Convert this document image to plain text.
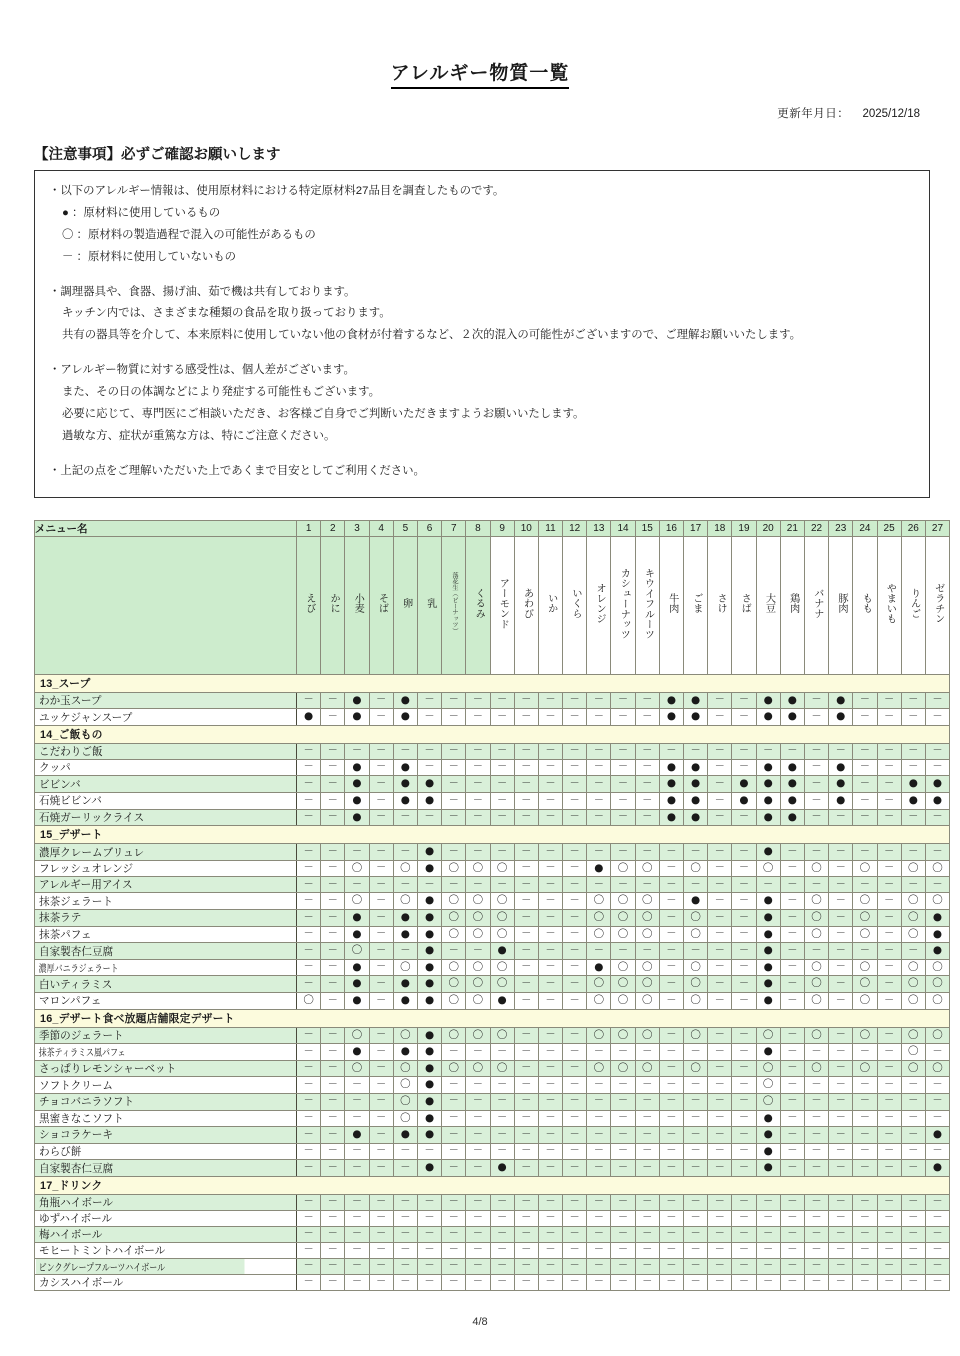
アレルギー物質一覧
更新年月日： 2025/12/18
【注意事項】必ずご確認お願いします
・以下のアレルギー情報は、使用原材料における特定原材料27品目を調査したものです。
● ：原材料に使用しているもの
〇 ：原材料の製造過程で混入の可能性があるもの
－ ：原材料に使用していないもの
・調理器具や、食器、揚げ油、茹で機は共有しております。
キッチン内では、さまざまな種類の食品を取り扱っております。
共有の器具等を介して、本来原料に使用していない他の食材が付着するなど、２次的混入の可能性がございますので、ご理解お願いいたします。
・アレルギー物質に対する感受性は、個人差がございます。
また、その日の体調などにより発症する可能性もございます。
必要に応じて、専門医にご相談いただき、お客様ご自身でご判断いただきますようお願いいたします。
過敏な方、症状が重篤な方は、特にご注意ください。
・上記の点をご理解いただいた上であくまで目安としてご利用ください。
メニュー名	1	2	3	4	5	6	7	8	9	10	11	12	13	14	15	16	17	18	19	20	21	22	23	24	25	26	27
	えび	かに	小麦	そば	卵	乳	落花生（ピーナッツ）	くるみ	アーモンド	あわび	いか	いくら	オレンジ	カシューナッツ	キウイフルーツ	牛肉	ごま	さけ	さば	大豆	鶏肉	バナナ	豚肉	もも	やまいも	りんご	ゼラチン
13_スープ																											
わか玉スープ	－	－	●	－	●	－	－	－	－	－	－	－	－	－	－	●	●	－	－	●	●	－	●	－	－	－	－
ユッケジャンスープ	●	－	●	－	●	－	－	－	－	－	－	－	－	－	－	●	●	－	－	●	●	－	●	－	－	－	－
14_ご飯もの																											
こだわりご飯	－	－	－	－	－	－	－	－	－	－	－	－	－	－	－	－	－	－	－	－	－	－	－	－	－	－	－
クッパ	－	－	●	－	●	－	－	－	－	－	－	－	－	－	－	●	●	－	－	●	●	－	●	－	－	－	－
ビビンバ	－	－	●	－	●	●	－	－	－	－	－	－	－	－	－	●	●	－	●	●	●	－	●	－	－	●	●
石焼ビビンバ	－	－	●	－	●	●	－	－	－	－	－	－	－	－	－	●	●	－	●	●	●	－	●	－	－	●	●
石焼ガーリックライス	－	－	●	－	－	－	－	－	－	－	－	－	－	－	－	●	●	－	－	●	●	－	－	－	－	－	－
15_デザート																											
濃厚クレームブリュレ	－	－	－	－	－	●	－	－	－	－	－	－	－	－	－	－	－	－	－	●	－	－	－	－	－	－	－
フレッシュオレンジ	－	－	〇	－	〇	●	〇	〇	〇	－	－	－	●	〇	〇	－	〇	－	－	〇	－	〇	－	〇	－	〇	〇
アレルギー用アイス	－	－	－	－	－	－	－	－	－	－	－	－	－	－	－	－	－	－	－	－	－	－	－	－	－	－	－
抹茶ジェラート	－	－	〇	－	〇	●	〇	〇	〇	－	－	－	〇	〇	〇	－	●	－	－	●	－	〇	－	〇	－	〇	〇
抹茶ラテ	－	－	●	－	●	●	〇	〇	〇	－	－	－	〇	〇	〇	－	〇	－	－	●	－	〇	－	〇	－	〇	●
抹茶パフェ	－	－	●	－	●	●	〇	〇	〇	－	－	－	〇	〇	〇	－	〇	－	－	●	－	〇	－	〇	－	〇	●
自家製杏仁豆腐	－	－	〇	－	－	●	－	－	●	－	－	－	－	－	－	－	－	－	－	●	－	－	－	－	－	－	●
濃厚バニラジェラート	－	－	●	－	〇	●	〇	〇	〇	－	－	－	●	〇	〇	－	〇	－	－	●	－	〇	－	〇	－	〇	〇
白いティラミス	－	－	●	－	●	●	〇	〇	〇	－	－	－	〇	〇	〇	－	〇	－	－	●	－	〇	－	〇	－	〇	〇
マロンパフェ	〇	－	●	－	●	●	〇	〇	●	－	－	－	〇	〇	〇	－	〇	－	－	●	－	〇	－	〇	－	〇	〇
16_デザート食べ放題店舗限定デザート																											
季節のジェラート	－	－	〇	－	〇	●	〇	〇	〇	－	－	－	〇	〇	〇	－	〇	－	－	〇	－	〇	－	〇	－	〇	〇
抹茶ティラミス風パフェ	－	－	●	－	●	●	－	－	－	－	－	－	－	－	－	－	－	－	－	●	－	－	－	－	－	〇	－
さっぱりレモンシャーベット	－	－	〇	－	〇	●	〇	〇	〇	－	－	－	〇	〇	〇	－	〇	－	－	〇	－	〇	－	〇	－	〇	〇
ソフトクリーム	－	－	－	－	〇	●	－	－	－	－	－	－	－	－	－	－	－	－	－	〇	－	－	－	－	－	－	－
チョコバニラソフト	－	－	－	－	〇	●	－	－	－	－	－	－	－	－	－	－	－	－	－	〇	－	－	－	－	－	－	－
黒蜜きなこソフト	－	－	－	－	〇	●	－	－	－	－	－	－	－	－	－	－	－	－	－	●	－	－	－	－	－	－	－
ショコラケーキ	－	－	●	－	●	●	－	－	－	－	－	－	－	－	－	－	－	－	－	●	－	－	－	－	－	－	●
わらび餅	－	－	－	－	－	－	－	－	－	－	－	－	－	－	－	－	－	－	－	●	－	－	－	－	－	－	－
自家製杏仁豆腐	－	－	－	－	－	●	－	－	●	－	－	－	－	－	－	－	－	－	－	●	－	－	－	－	－	－	●
17_ドリンク																											
角瓶ハイボール	－	－	－	－	－	－	－	－	－	－	－	－	－	－	－	－	－	－	－	－	－	－	－	－	－	－	－
ゆずハイボール	－	－	－	－	－	－	－	－	－	－	－	－	－	－	－	－	－	－	－	－	－	－	－	－	－	－	－
梅ハイボール	－	－	－	－	－	－	－	－	－	－	－	－	－	－	－	－	－	－	－	－	－	－	－	－	－	－	－
モヒートミントハイボール	－	－	－	－	－	－	－	－	－	－	－	－	－	－	－	－	－	－	－	－	－	－	－	－	－	－	－
ピンクグレープフルーツハイボール	－	－	－	－	－	－	－	－	－	－	－	－	－	－	－	－	－	－	－	－	－	－	－	－	－	－	－
カシスハイボール	－	－	－	－	－	－	－	－	－	－	－	－	－	－	－	－	－	－	－	－	－	－	－	－	－	－	－
4/8
